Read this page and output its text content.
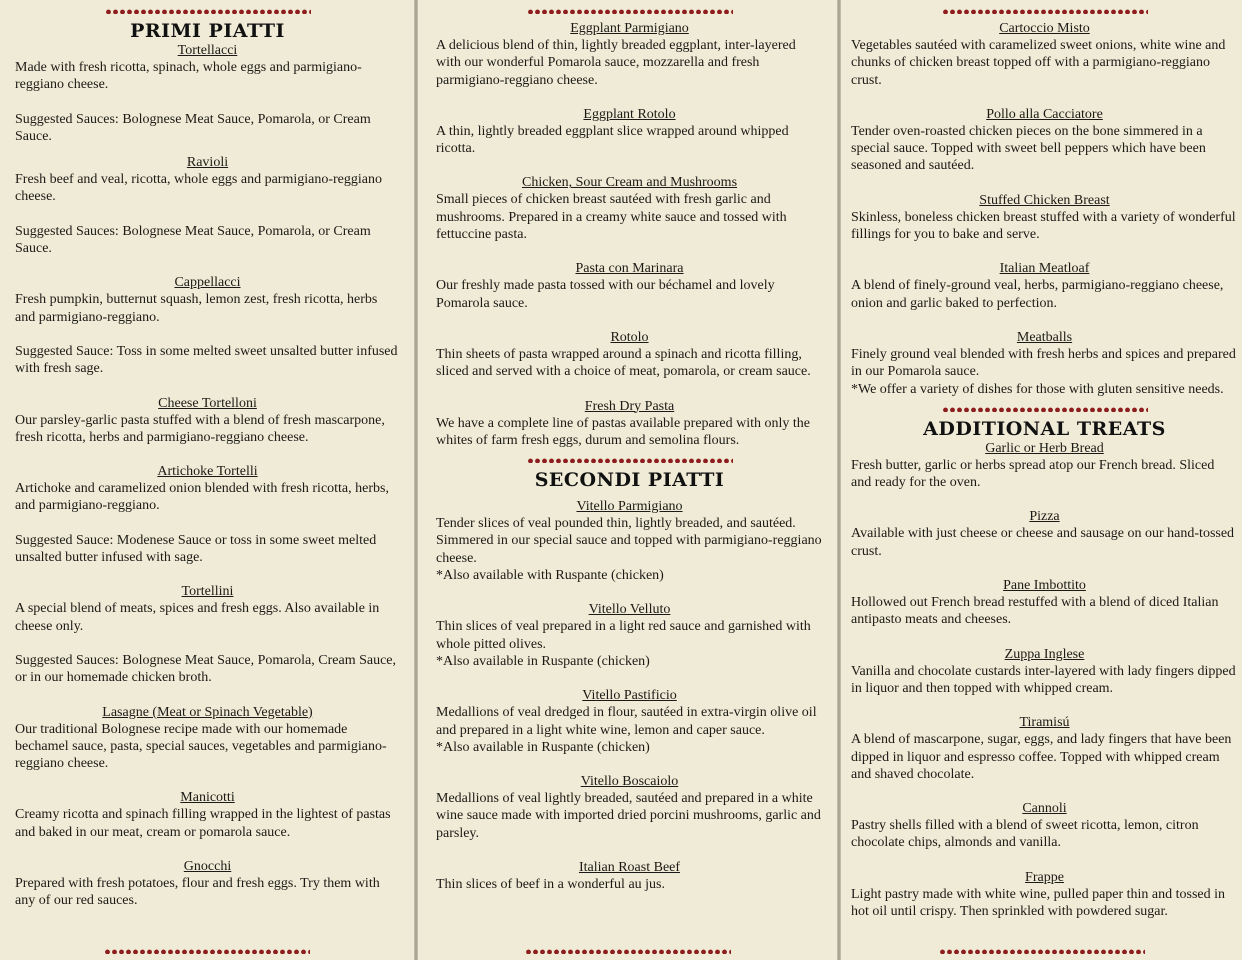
PRIMI PIATTI

Tortellacci

Made with fresh ricotta, spinach, whole eggs and parmigiano-reggiano cheese.

Suggested Sauces: Bolognese Meat Sauce, Pomarola, or Cream Sauce.

Ravioli

Fresh beef and veal, ricotta, whole eggs and parmigiano-reggiano cheese.

Suggested Sauces: Bolognese Meat Sauce, Pomarola, or Cream Sauce.

Cappellacci

Fresh pumpkin, butternut squash, lemon zest, fresh ricotta, herbs and parmigiano-reggiano.

Suggested Sauce: Toss in some melted sweet unsalted butter infused with fresh sage.

Cheese Tortelloni

Our parsley-garlic pasta stuffed with a blend of fresh mascarpone, fresh ricotta, herbs and parmigiano-reggiano cheese.

Artichoke Tortelli

Artichoke and caramelized onion blended with fresh ricotta, herbs, and parmigiano-reggiano.

Suggested Sauce: Modenese Sauce or toss in some sweet melted unsalted butter infused with sage.

Tortellini

A special blend of meats, spices and fresh eggs. Also available in cheese only.

Suggested Sauces: Bolognese Meat Sauce, Pomarola, Cream Sauce, or in our homemade chicken broth.

Lasagne (Meat or Spinach Vegetable)

Our traditional Bolognese recipe made with our homemade bechamel sauce, pasta, special sauces, vegetables and parmigiano-reggiano cheese.

Manicotti

Creamy ricotta and spinach filling wrapped in the lightest of pastas and baked in our meat, cream or pomarola sauce.

Gnocchi

Prepared with fresh potatoes, flour and fresh eggs. Try them with any of our red sauces.

Eggplant Parmigiano

A delicious blend of thin, lightly breaded eggplant, inter-layered with our wonderful Pomarola sauce, mozzarella and fresh parmigiano-reggiano cheese.

Eggplant Rotolo

A thin, lightly breaded eggplant slice wrapped around whipped ricotta.

Chicken, Sour Cream and Mushrooms

Small pieces of chicken breast sautéed with fresh garlic and mushrooms. Prepared in a creamy white sauce and tossed with fettuccine pasta.

Pasta con Marinara

Our freshly made pasta tossed with our béchamel and lovely Pomarola sauce.

Rotolo

Thin sheets of pasta wrapped around a spinach and ricotta filling, sliced and served with a choice of meat, pomarola, or cream sauce.

Fresh Dry Pasta

We have a complete line of pastas available prepared with only the whites of farm fresh eggs, durum and semolina flours.

SECONDI PIATTI

Vitello Parmigiano

Tender slices of veal pounded thin, lightly breaded, and sautéed. Simmered in our special sauce and topped with parmigiano-reggiano cheese.

*Also available with Ruspante (chicken)

Vitello Velluto

Thin slices of veal prepared in a light red sauce and garnished with whole pitted olives.

*Also available in Ruspante (chicken)

Vitello Pastificio

Medallions of veal dredged in flour, sautéed in extra-virgin olive oil and prepared in a light white wine, lemon and caper sauce.

*Also available in Ruspante (chicken)

Vitello Boscaiolo

Medallions of veal lightly breaded, sautéed and prepared in a white wine sauce made with imported dried porcini mushrooms, garlic and parsley.

Italian Roast Beef

Thin slices of beef in a wonderful au jus.

Cartoccio Misto

Vegetables sautéed with caramelized sweet onions, white wine and chunks of chicken breast topped off with a parmigiano-reggiano crust.

Pollo alla Cacciatore

Tender oven-roasted chicken pieces on the bone simmered in a special sauce. Topped with sweet bell peppers which have been seasoned and sautéed.

Stuffed Chicken Breast

Skinless, boneless chicken breast stuffed with a variety of wonderful fillings for you to bake and serve.

Italian Meatloaf

A blend of finely-ground veal, herbs, parmigiano-reggiano cheese, onion and garlic baked to perfection.

Meatballs

Finely ground veal blended with fresh herbs and spices and prepared in our Pomarola sauce.

*We offer a variety of dishes for those with gluten sensitive needs.

ADDITIONAL TREATS

Garlic or Herb Bread

Fresh butter, garlic or herbs spread atop our French bread. Sliced and ready for the oven.

Pizza

Available with just cheese or cheese and sausage on our hand-tossed crust.

Pane Imbottito

Hollowed out French bread restuffed with a blend of diced Italian antipasto meats and cheeses.

Zuppa Inglese

Vanilla and chocolate custards inter-layered with lady fingers dipped in liquor and then topped with whipped cream.

Tiramisú

A blend of mascarpone, sugar, eggs, and lady fingers that have been dipped in liquor and espresso coffee. Topped with whipped cream and shaved chocolate.

Cannoli

Pastry shells filled with a blend of sweet ricotta, lemon, citron chocolate chips, almonds and vanilla.

Frappe

Light pastry made with white wine, pulled paper thin and tossed in hot oil until crispy. Then sprinkled with powdered sugar.
